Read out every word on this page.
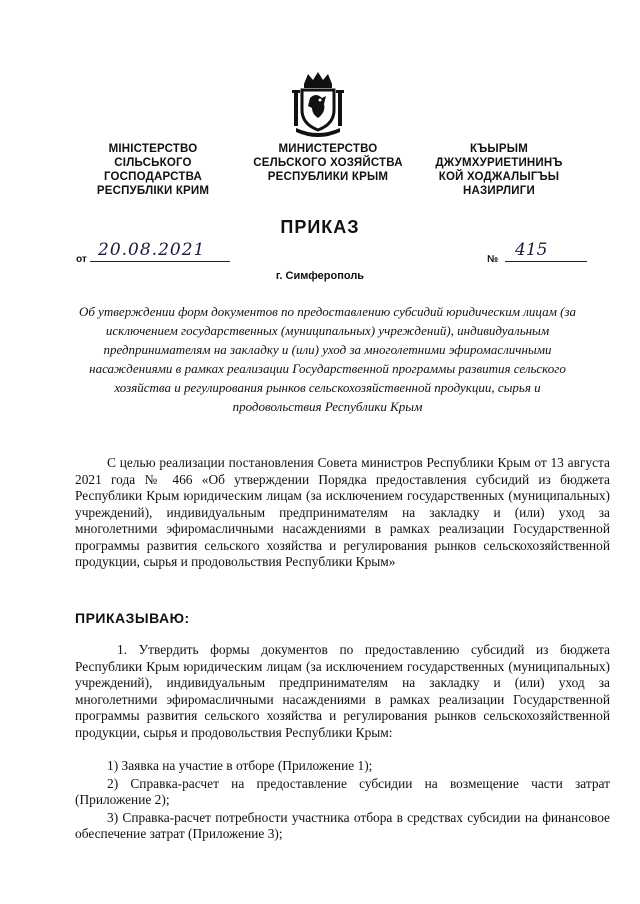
МІНІСТЕРСТВО
СІЛЬСЬКОГО
ГОСПОДАРСТВА
РЕСПУБЛІКИ КРИМ
МИНИСТЕРСТВО
СЕЛЬСКОГО ХОЗЯЙСТВА
РЕСПУБЛИКИ КРЫМ
КЪЫРЫМ
ДЖУМХУРИЕТИНИНЪ
КОЙ ХОДЖАЛЫГЪЫ
НАЗИРЛИГИ
ПРИКАЗ
от 20.08.2021	№ 415
г. Симферополь
Об утверждении форм документов по предоставлению субсидий юридическим лицам (за исключением государственных (муниципальных) учреждений), индивидуальным предпринимателям на закладку и (или) уход за многолетними эфиромасличными насаждениями в рамках реализации Государственной программы развития сельского хозяйства и регулирования рынков сельскохозяйственной продукции, сырья и продовольствия Республики Крым
С целью реализации постановления Совета министров Республики Крым от 13 августа 2021 года № 466 «Об утверждении Порядка предоставления субсидий из бюджета Республики Крым юридическим лицам (за исключением государственных (муниципальных) учреждений), индивидуальным предпринимателям на закладку и (или) уход за многолетними эфиромасличными насаждениями в рамках реализации Государственной программы развития сельского хозяйства и регулирования рынков сельскохозяйственной продукции, сырья и продовольствия Республики Крым»
ПРИКАЗЫВАЮ:
1. Утвердить формы документов по предоставлению субсидий из бюджета Республики Крым юридическим лицам (за исключением государственных (муниципальных) учреждений), индивидуальным предпринимателям на закладку и (или) уход за многолетними эфиромасличными насаждениями в рамках реализации Государственной программы развития сельского хозяйства и регулирования рынков сельскохозяйственной продукции, сырья и продовольствия Республики Крым:
1) Заявка на участие в отборе (Приложение 1);
2) Справка-расчет на предоставление субсидии на возмещение части затрат (Приложение 2);
3) Справка-расчет потребности участника отбора в средствах субсидии на финансовое обеспечение затрат (Приложение 3);
